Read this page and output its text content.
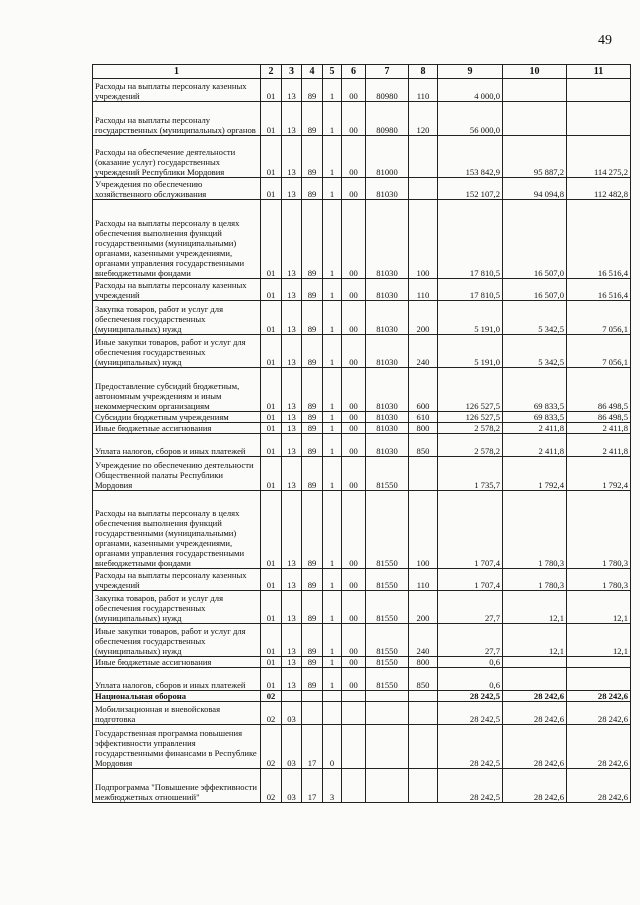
49
1	2	3	4	5	6	7	8	9	10	11
Расходы на выплаты персоналу казенных учреждений	01	13	89	1	00	80980	110	4 000,0		
Расходы на выплаты персоналу государственных (муниципальных) органов	01	13	89	1	00	80980	120	56 000,0		
Расходы на обеспечение деятельности (оказание услуг) государственных учреждений Республики Мордовия	01	13	89	1	00	81000		153 842,9	95 887,2	114 275,2
Учреждения по обеспечению хозяйственного обслуживания	01	13	89	1	00	81030		152 107,2	94 094,8	112 482,8
Расходы на выплаты персоналу в целях обеспечения выполнения функций государственными (муниципальными) органами, казенными учреждениями, органами управления государственными внебюджетными фондами	01	13	89	1	00	81030	100	17 810,5	16 507,0	16 516,4
Расходы на выплаты персоналу казенных учреждений	01	13	89	1	00	81030	110	17 810,5	16 507,0	16 516,4
Закупка товаров, работ и услуг для обеспечения государственных (муниципальных) нужд	01	13	89	1	00	81030	200	5 191,0	5 342,5	7 056,1
Иные закупки товаров, работ и услуг для обеспечения государственных (муниципальных) нужд	01	13	89	1	00	81030	240	5 191,0	5 342,5	7 056,1
Предоставление субсидий бюджетным, автономным учреждениям и иным некоммерческим организациям	01	13	89	1	00	81030	600	126 527,5	69 833,5	86 498,5
Субсидии бюджетным учреждениям	01	13	89	1	00	81030	610	126 527,5	69 833,5	86 498,5
Иные бюджетные ассигнования	01	13	89	1	00	81030	800	2 578,2	2 411,8	2 411,8
Уплата налогов, сборов и иных платежей	01	13	89	1	00	81030	850	2 578,2	2 411,8	2 411,8
Учреждение по обеспечению деятельности Общественной палаты Республики Мордовия	01	13	89	1	00	81550		1 735,7	1 792,4	1 792,4
Расходы на выплаты персоналу в целях обеспечения выполнения функций государственными (муниципальными) органами, казенными учреждениями, органами управления государственными внебюджетными фондами	01	13	89	1	00	81550	100	1 707,4	1 780,3	1 780,3
Расходы на выплаты персоналу казенных учреждений	01	13	89	1	00	81550	110	1 707,4	1 780,3	1 780,3
Закупка товаров, работ и услуг для обеспечения государственных (муниципальных) нужд	01	13	89	1	00	81550	200	27,7	12,1	12,1
Иные закупки товаров, работ и услуг для обеспечения государственных (муниципальных) нужд	01	13	89	1	00	81550	240	27,7	12,1	12,1
Иные бюджетные ассигнования	01	13	89	1	00	81550	800	0,6		
Уплата налогов, сборов и иных платежей	01	13	89	1	00	81550	850	0,6		
Национальная оборона	02							28 242,5	28 242,6	28 242,6
Мобилизационная и вневойсковая подготовка	02	03						28 242,5	28 242,6	28 242,6
Государственная программа повышения эффективности управления государственными финансами в Республике Мордовия	02	03	17	0				28 242,5	28 242,6	28 242,6
Подпрограмма "Повышение эффективности межбюджетных отношений"	02	03	17	3				28 242,5	28 242,6	28 242,6
